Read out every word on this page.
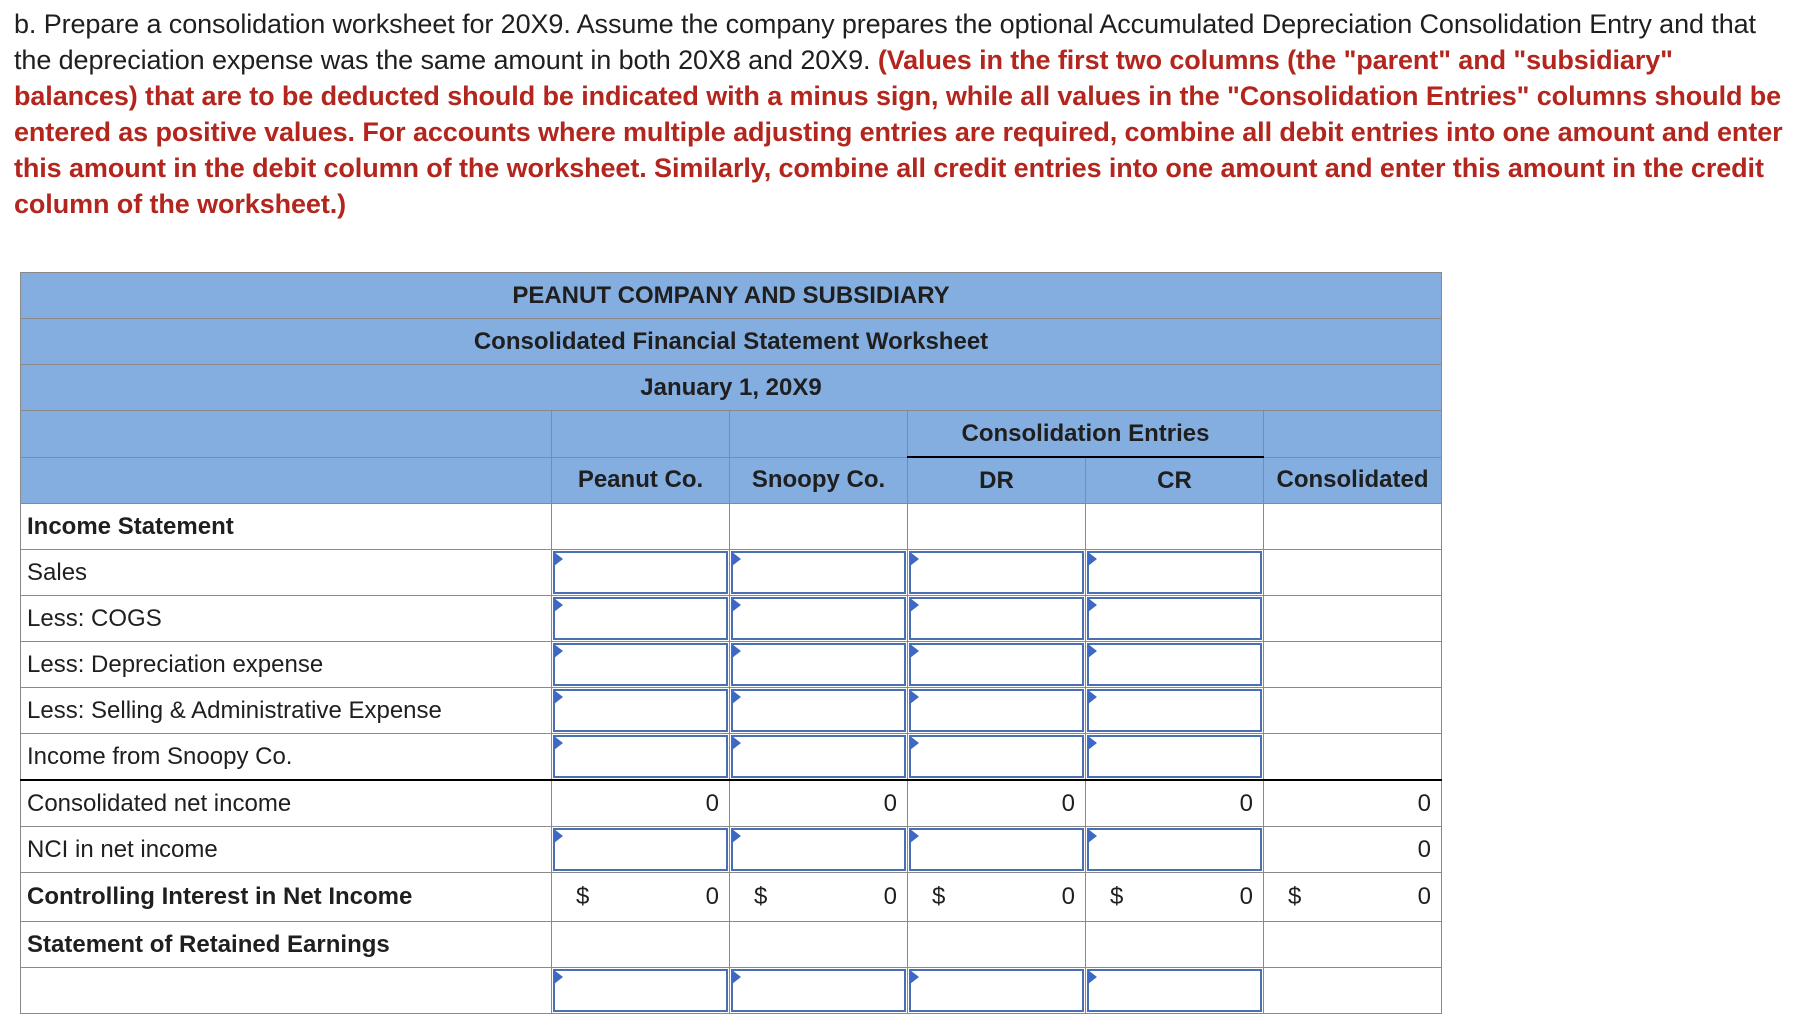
b. Prepare a consolidation worksheet for 20X9. Assume the company prepares the optional Accumulated Depreciation Consolidation Entry and that the depreciation expense was the same amount in both 20X8 and 20X9. (Values in the first two columns (the "parent" and "subsidiary" balances) that are to be deducted should be indicated with a minus sign, while all values in the "Consolidation Entries" columns should be entered as positive values. For accounts where multiple adjusting entries are required, combine all debit entries into one amount and enter this amount in the debit column of the worksheet. Similarly, combine all credit entries into one amount and enter this amount in the credit column of the worksheet.)
PEANUT COMPANY AND SUBSIDIARY					
Consolidated Financial Statement Worksheet					
January 1, 20X9					
			Consolidation Entries		
	Peanut Co.	Snoopy Co.	DR	CR	Consolidated
Income Statement					
Sales	

Less: COGS	

Less: Depreciation expense	

Less: Selling & Administrative Expense	

Income from Snoopy Co.	

Consolidated net income	0	0	0	0	0
NCI in net income					0
Controlling Interest in Net Income	$ 0	$ 0	$ 0	$ 0	$ 0

Statement of Retained Earnings					
